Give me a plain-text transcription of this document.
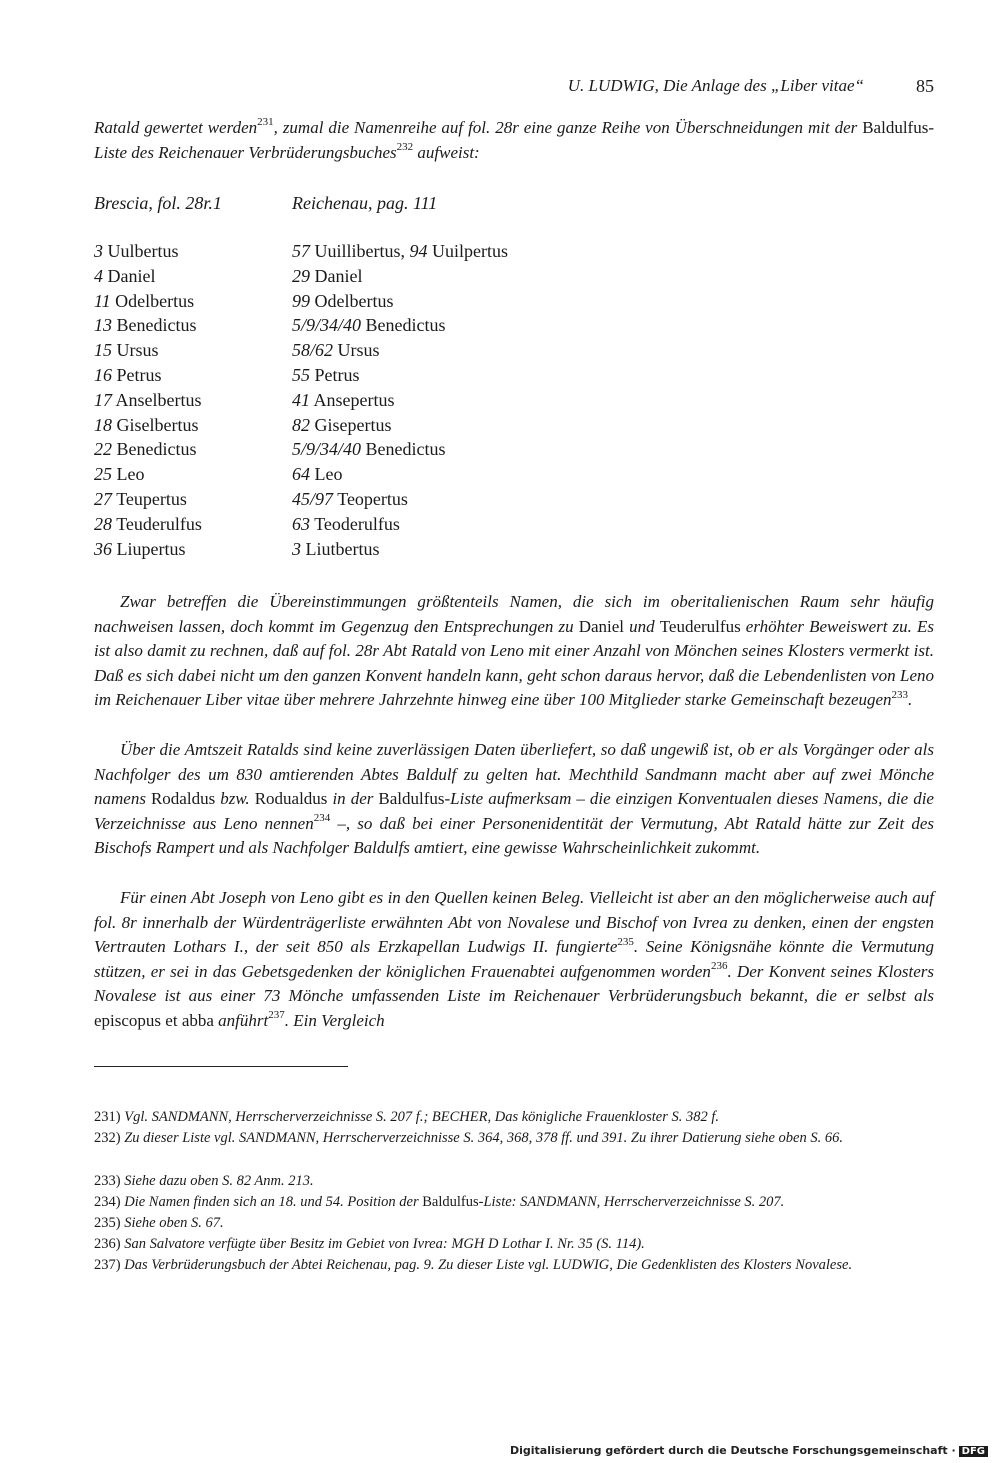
U. LUDWIG, Die Anlage des „Liber vitae“	85
Ratald gewertet werden$^{231}$, zumal die Namenreihe auf fol. 28r eine ganze Reihe von Überschneidungen mit der Baldulfus-Liste des Reichenauer Verbrüderungsbuches$^{232}$ aufweist:
Brescia, fol. 28r.1	Reichenau, pag. 111
3 Uulbertus	57 Uuillibertus, 94 Uuilpertus
4 Daniel	29 Daniel
11 Odelbertus	99 Odelbertus
13 Benedictus	5/9/34/40 Benedictus
15 Ursus	58/62 Ursus
16 Petrus	55 Petrus
17 Anselbertus	41 Ansepertus
18 Giselbertus	82 Gisepertus
22 Benedictus	5/9/34/40 Benedictus
25 Leo	64 Leo
27 Teupertus	45/97 Teopertus
28 Teuderulfus	63 Teoderulfus
36 Liupertus	3 Liutbertus
Zwar betreffen die Übereinstimmungen größtenteils Namen, die sich im oberitalienischen Raum sehr häufig nachweisen lassen, doch kommt im Gegenzug den Entsprechungen zu Daniel und Teuderulfus erhöhter Beweiswert zu. Es ist also damit zu rechnen, daß auf fol. 28r Abt Ratald von Leno mit einer Anzahl von Mönchen seines Klosters vermerkt ist. Daß es sich dabei nicht um den ganzen Konvent handeln kann, geht schon daraus hervor, daß die Lebendenlisten von Leno im Reichenauer Liber vitae über mehrere Jahrzehnte hinweg eine über 100 Mitglieder starke Gemeinschaft bezeugen$^{233}$.
Über die Amtszeit Ratalds sind keine zuverlässigen Daten überliefert, so daß ungewiß ist, ob er als Vorgänger oder als Nachfolger des um 830 amtierenden Abtes Baldulf zu gelten hat. Mechthild Sandmann macht aber auf zwei Mönche namens Rodaldus bzw. Rodualdus in der Baldulfus-Liste aufmerksam – die einzigen Konventualen dieses Namens, die die Verzeichnisse aus Leno nennen$^{234}$ –, so daß bei einer Personenidentität der Vermutung, Abt Ratald hätte zur Zeit des Bischofs Rampert und als Nachfolger Baldulfs amtiert, eine gewisse Wahrscheinlichkeit zukommt.
Für einen Abt Joseph von Leno gibt es in den Quellen keinen Beleg. Vielleicht ist aber an den möglicherweise auch auf fol. 8r innerhalb der Würdenträgerliste erwähnten Abt von Novalese und Bischof von Ivrea zu denken, einen der engsten Vertrauten Lothars I., der seit 850 als Erzkapellan Ludwigs II. fungierte$^{235}$. Seine Königsnähe könnte die Vermutung stützen, er sei in das Gebetsgedenken der königlichen Frauenabtei aufgenommen worden$^{236}$. Der Konvent seines Klosters Novalese ist aus einer 73 Mönche umfassenden Liste im Reichenauer Verbrüderungsbuch bekannt, die er selbst als episcopus et abba anführt$^{237}$. Ein Vergleich
231) Vgl. SANDMANN, Herrscherverzeichnisse S. 207 f.; BECHER, Das königliche Frauenkloster S. 382 f.
232) Zu dieser Liste vgl. SANDMANN, Herrscherverzeichnisse S. 364, 368, 378 ff. und 391. Zu ihrer Datierung siehe oben S. 66.
233) Siehe dazu oben S. 82 Anm. 213.
234) Die Namen finden sich an 18. und 54. Position der Baldulfus-Liste: SANDMANN, Herrscherverzeichnisse S. 207.
235) Siehe oben S. 67.
236) San Salvatore verfügte über Besitz im Gebiet von Ivrea: MGH D Lothar I. Nr. 35 (S. 114).
237) Das Verbrüderungsbuch der Abtei Reichenau, pag. 9. Zu dieser Liste vgl. LUDWIG, Die Gedenklisten des Klosters Novalese.
Digitalisierung gefördert durch die Deutsche Forschungsgemeinschaft · DFG
